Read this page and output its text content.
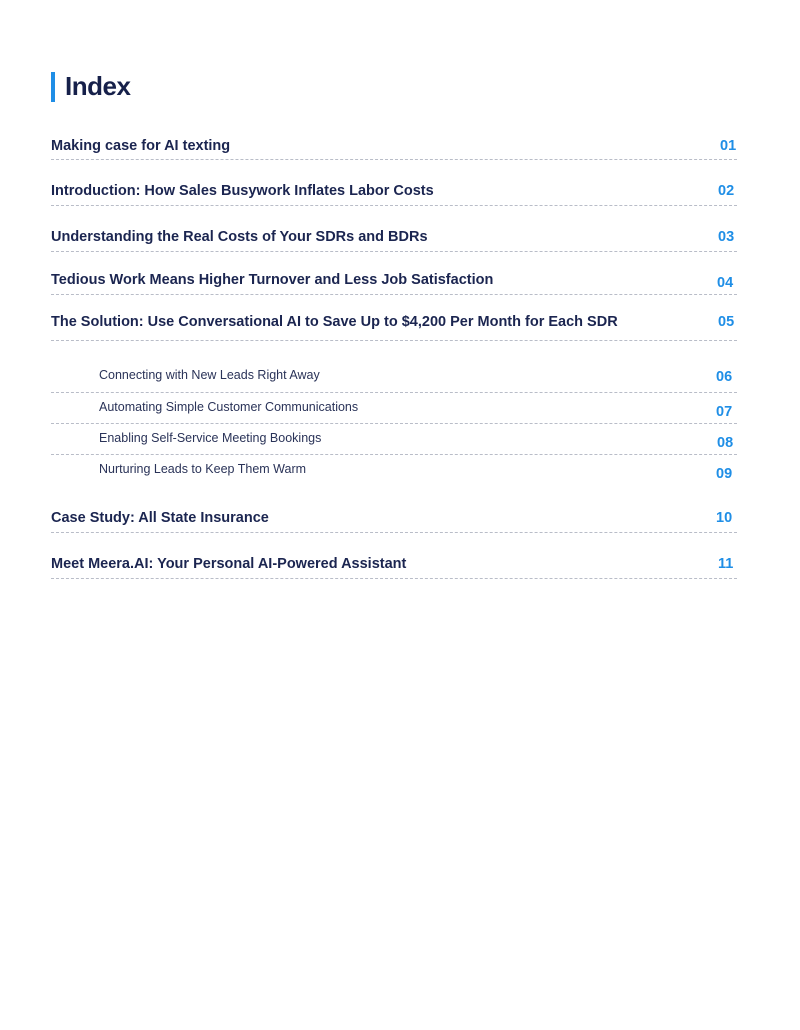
Index
Making case for AI texting	01
Introduction: How Sales Busywork Inflates Labor Costs	02
Understanding the Real Costs of Your SDRs and BDRs	03
Tedious Work Means Higher Turnover and Less Job Satisfaction	04
The Solution: Use Conversational AI to Save Up to $4,200 Per Month for Each SDR	05
Connecting with New Leads Right Away	06
Automating Simple Customer Communications	07
Enabling Self-Service Meeting Bookings	08
Nurturing Leads to Keep Them Warm	09
Case Study: All State Insurance	10
Meet Meera.AI: Your Personal AI-Powered Assistant	11
